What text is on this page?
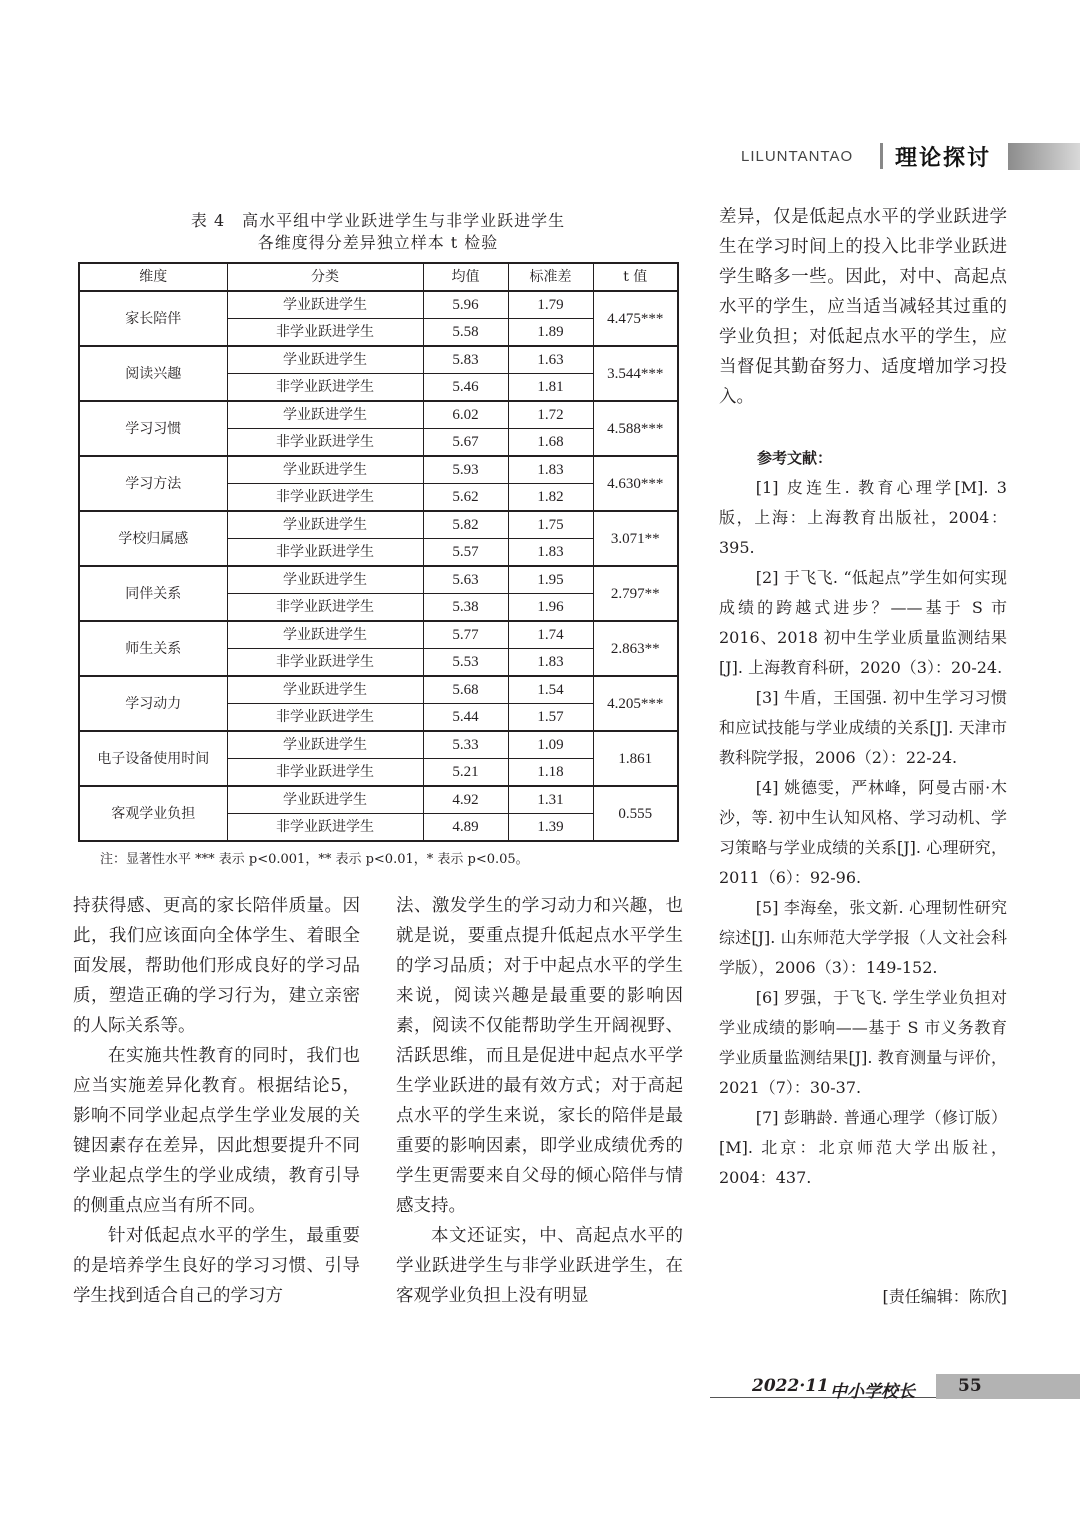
LILUNTANTAO 理论探讨
表 4　高水平组中学业跃进学生与非学业跃进学生
各维度得分差异独立样本 t 检验
维度	分类	均值	标准差	t 值
家长陪伴	学业跃进学生	5.96	1.79	4.475***
	非学业跃进学生	5.58	1.89	
阅读兴趣	学业跃进学生	5.83	1.63	3.544***
	非学业跃进学生	5.46	1.81	
学习习惯	学业跃进学生	6.02	1.72	4.588***
	非学业跃进学生	5.67	1.68	
学习方法	学业跃进学生	5.93	1.83	4.630***
	非学业跃进学生	5.62	1.82	
学校归属感	学业跃进学生	5.82	1.75	3.071**
	非学业跃进学生	5.57	1.83	
同伴关系	学业跃进学生	5.63	1.95	2.797**
	非学业跃进学生	5.38	1.96	
师生关系	学业跃进学生	5.77	1.74	2.863**
	非学业跃进学生	5.53	1.83	
学习动力	学业跃进学生	5.68	1.54	4.205***
	非学业跃进学生	5.44	1.57	
电子设备使用时间	学业跃进学生	5.33	1.09	1.861
	非学业跃进学生	5.21	1.18	
客观学业负担	学业跃进学生	4.92	1.31	0.555
	非学业跃进学生	4.89	1.39	
注：显著性水平 *** 表示 p<0.001，** 表示 p<0.01，* 表示 p<0.05。

持获得感、更高的家长陪伴质量。因此，我们应该面向全体学生、着眼全面发展，帮助他们形成良好的学习品质，塑造正确的学习行为，建立亲密的人际关系等。

在实施共性教育的同时，我们也应当实施差异化教育。根据结论5，影响不同学业起点学生学业发展的关键因素存在差异，因此想要提升不同学业起点学生的学业成绩，教育引导的侧重点应当有所不同。

针对低起点水平的学生，最重要的是培养学生良好的学习习惯、引导学生找到适合自己的学习方

法、激发学生的学习动力和兴趣，也就是说，要重点提升低起点水平学生的学习品质；对于中起点水平的学生来说，阅读兴趣是最重要的影响因素，阅读不仅能帮助学生开阔视野、活跃思维，而且是促进中起点水平学生学业跃进的最有效方式；对于高起点水平的学生来说，家长的陪伴是最重要的影响因素，即学业成绩优秀的学生更需要来自父母的倾心陪伴与情感支持。

本文还证实，中、高起点水平的学业跃进学生与非学业跃进学生，在客观学业负担上没有明显

差异，仅是低起点水平的学业跃进学生在学习时间上的投入比非学业跃进学生略多一些。因此，对中、高起点水平的学生，应当适当减轻其过重的学业负担；对低起点水平的学生，应当督促其勤奋努力、适度增加学习投入。

参考文献：

[1] 皮连生. 教育心理学[M]. 3 版，上海：上海教育出版社，2004：395.

[2] 于飞飞. “低起点”学生如何实现成绩的跨越式进步？——基于 S 市 2016、2018 初中生学业质量监测结果[J]. 上海教育科研，2020（3）：20-24.

[3] 牛盾，王国强. 初中生学习习惯和应试技能与学业成绩的关系[J]. 天津市教科院学报，2006（2）：22-24.

[4] 姚德雯，严林峰，阿曼古丽·木沙，等. 初中生认知风格、学习动机、学习策略与学业成绩的关系[J]. 心理研究，2011（6）：92-96.

[5] 李海垒，张文新. 心理韧性研究综述[J]. 山东师范大学学报（人文社会科学版），2006（3）：149-152.

[6] 罗强，于飞飞. 学生学业负担对学业成绩的影响——基于 S 市义务教育学业质量监测结果[J]. 教育测量与评价，2021（7）：30-37.

[7] 彭聃龄. 普通心理学（修订版）[M]. 北京：北京师范大学出版社，2004：437.

[责任编辑：陈欣]
2022·11 中小学校长	55
